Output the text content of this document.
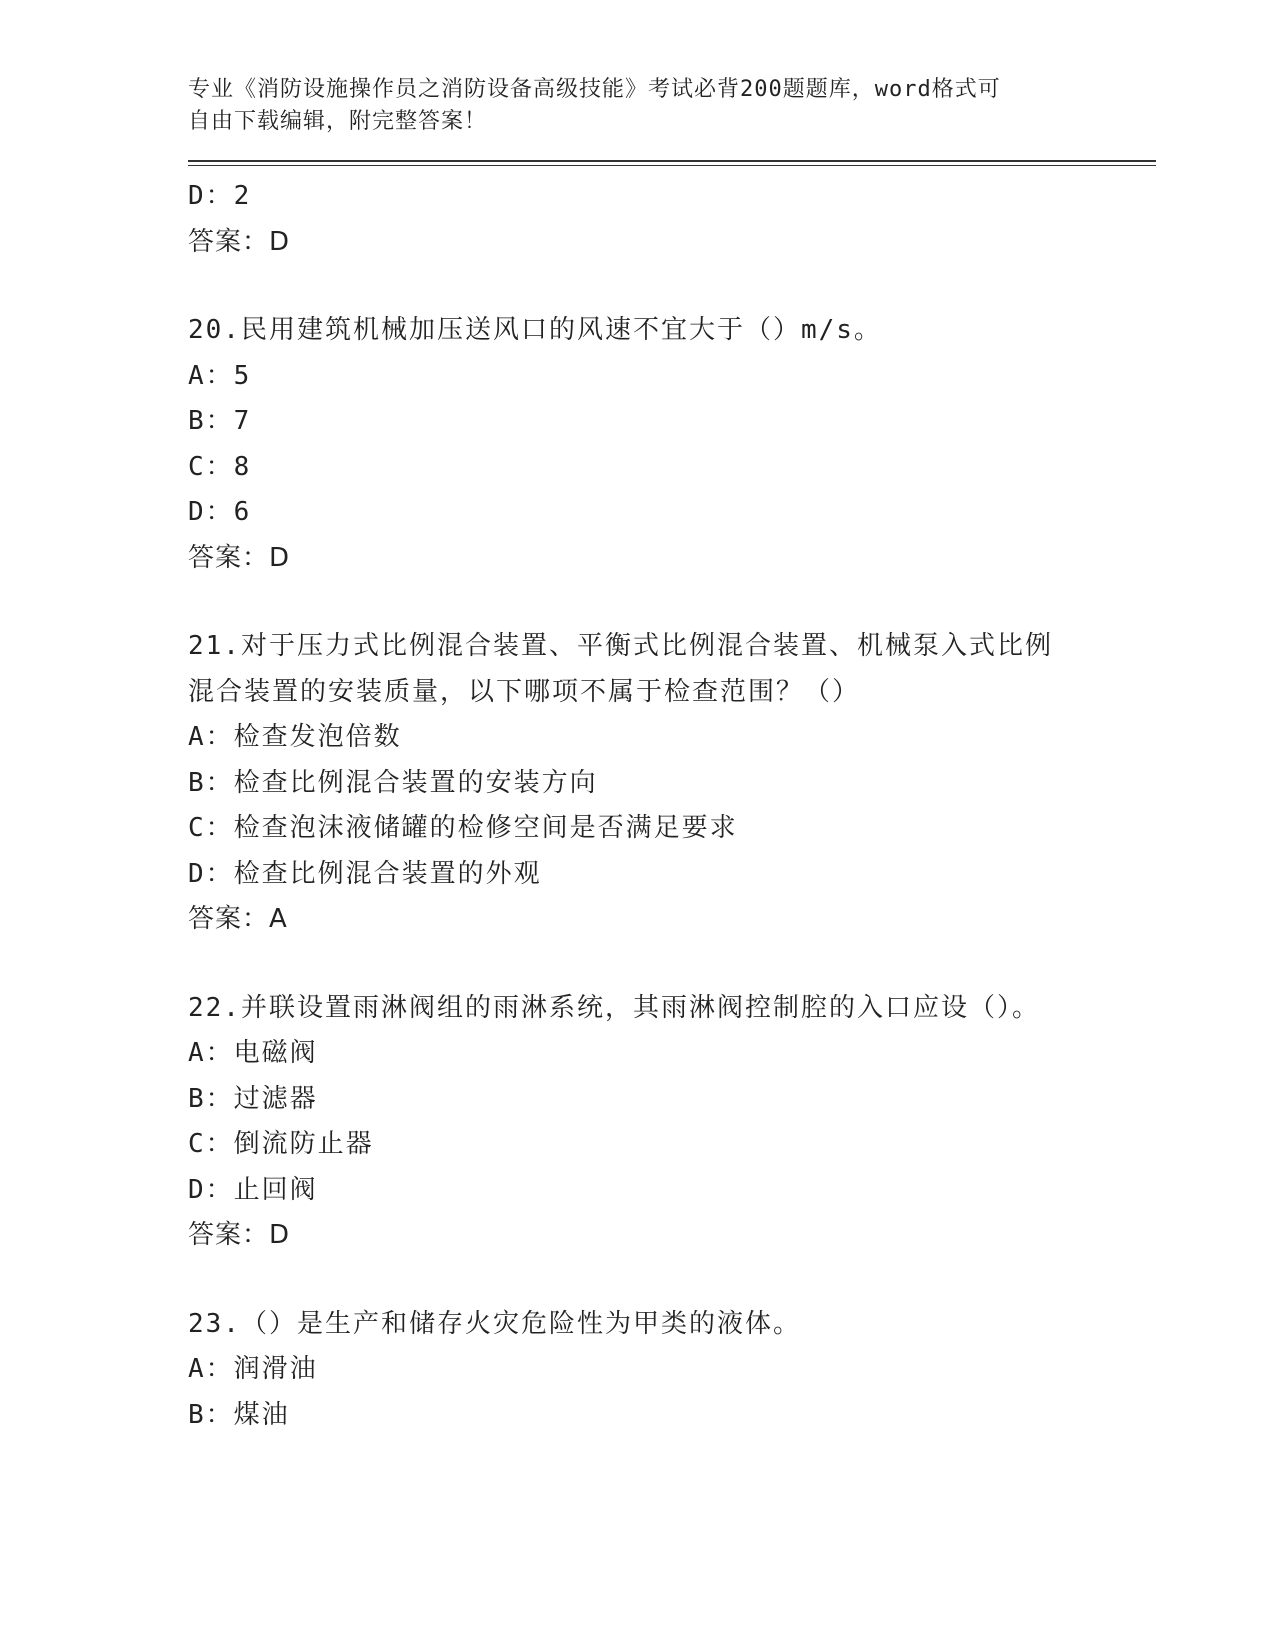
专业《消防设施操作员之消防设备高级技能》考试必背200题题库，word格式可
自由下载编辑，附完整答案！
D：2
答案：D
20.民用建筑机械加压送风口的风速不宜大于（）m/s。
A：5
B：7
C：8
D：6
答案：D
21.对于压力式比例混合装置、平衡式比例混合装置、机械泵入式比例
混合装置的安装质量，以下哪项不属于检查范围？（）
A：检查发泡倍数
B：检查比例混合装置的安装方向
C：检查泡沫液储罐的检修空间是否满足要求
D：检查比例混合装置的外观
答案：A
22.并联设置雨淋阀组的雨淋系统，其雨淋阀控制腔的入口应设（）。
A：电磁阀
B：过滤器
C：倒流防止器
D：止回阀
答案：D
23.（）是生产和储存火灾危险性为甲类的液体。
A：润滑油
B：煤油
